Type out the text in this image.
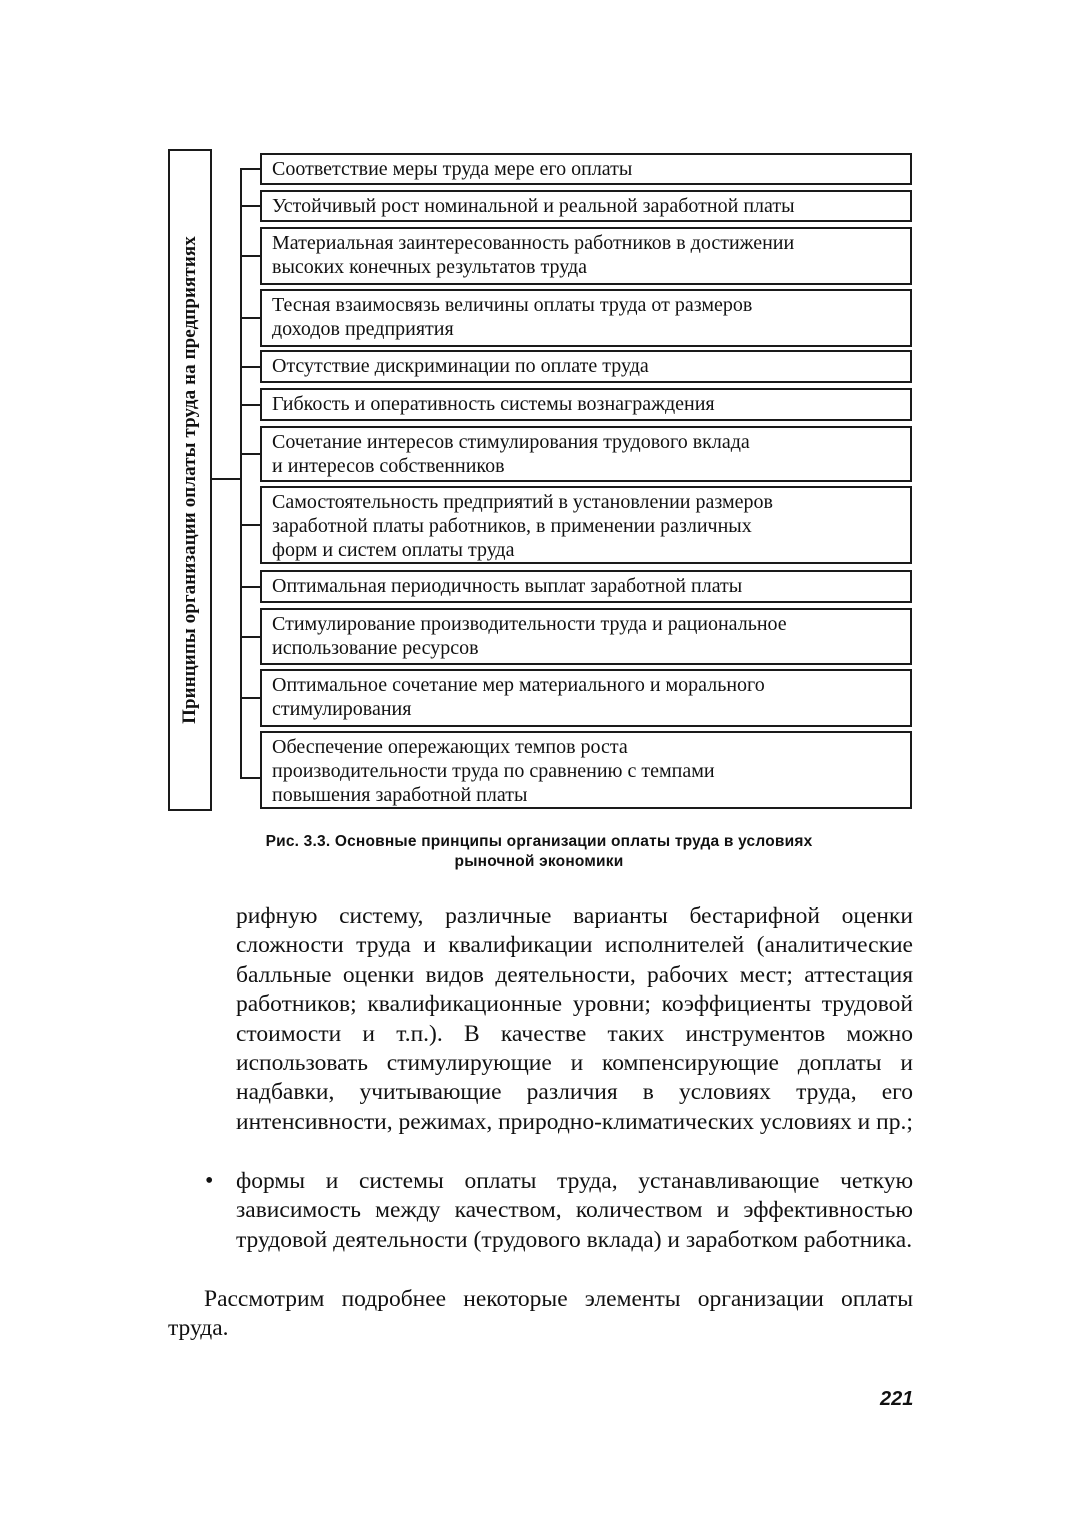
Принципы организации оплаты труда на предприятиях
Соответствие меры труда мере его оплаты
Устойчивый рост номинальной и реальной заработной платы
Материальная заинтересованность работников в достижении
высоких конечных результатов труда
Тесная взаимосвязь величины оплаты труда от размеров
доходов предприятия
Отсутствие дискриминации по оплате труда
Гибкость и оперативность системы вознаграждения
Сочетание интересов стимулирования трудового вклада
и интересов собственников
Самостоятельность предприятий в установлении размеров
заработной платы работников, в применении различных
форм и систем оплаты труда
Оптимальная периодичность выплат заработной платы
Стимулирование производительности труда и рациональное
использование ресурсов
Оптимальное сочетание мер материального и морального
стимулирования
Обеспечение опережающих темпов роста
производительности труда по сравнению с темпами
повышения заработной платы
Рис. 3.3. Основные принципы организации оплаты труда в условиях
рыночной экономики
рифную систему, различные варианты бестарифной оценки сложности труда и квалификации исполнителей (аналитические балльные оценки видов деятельности, рабочих мест; аттестация работников; квалификационные уровни; коэффициенты трудовой стоимости и т.п.). В качестве таких инструментов можно использовать стимулирующие и компенсирующие доплаты и надбавки, учитывающие различия в условиях труда, его интенсивности, режимах, природно-климатических условиях и пр.;
• формы и системы оплаты труда, устанавливающие четкую зависимость между качеством, количеством и эффективностью трудовой деятельности (трудового вклада) и заработком работника.
Рассмотрим подробнее некоторые элементы организации оплаты труда.
221
